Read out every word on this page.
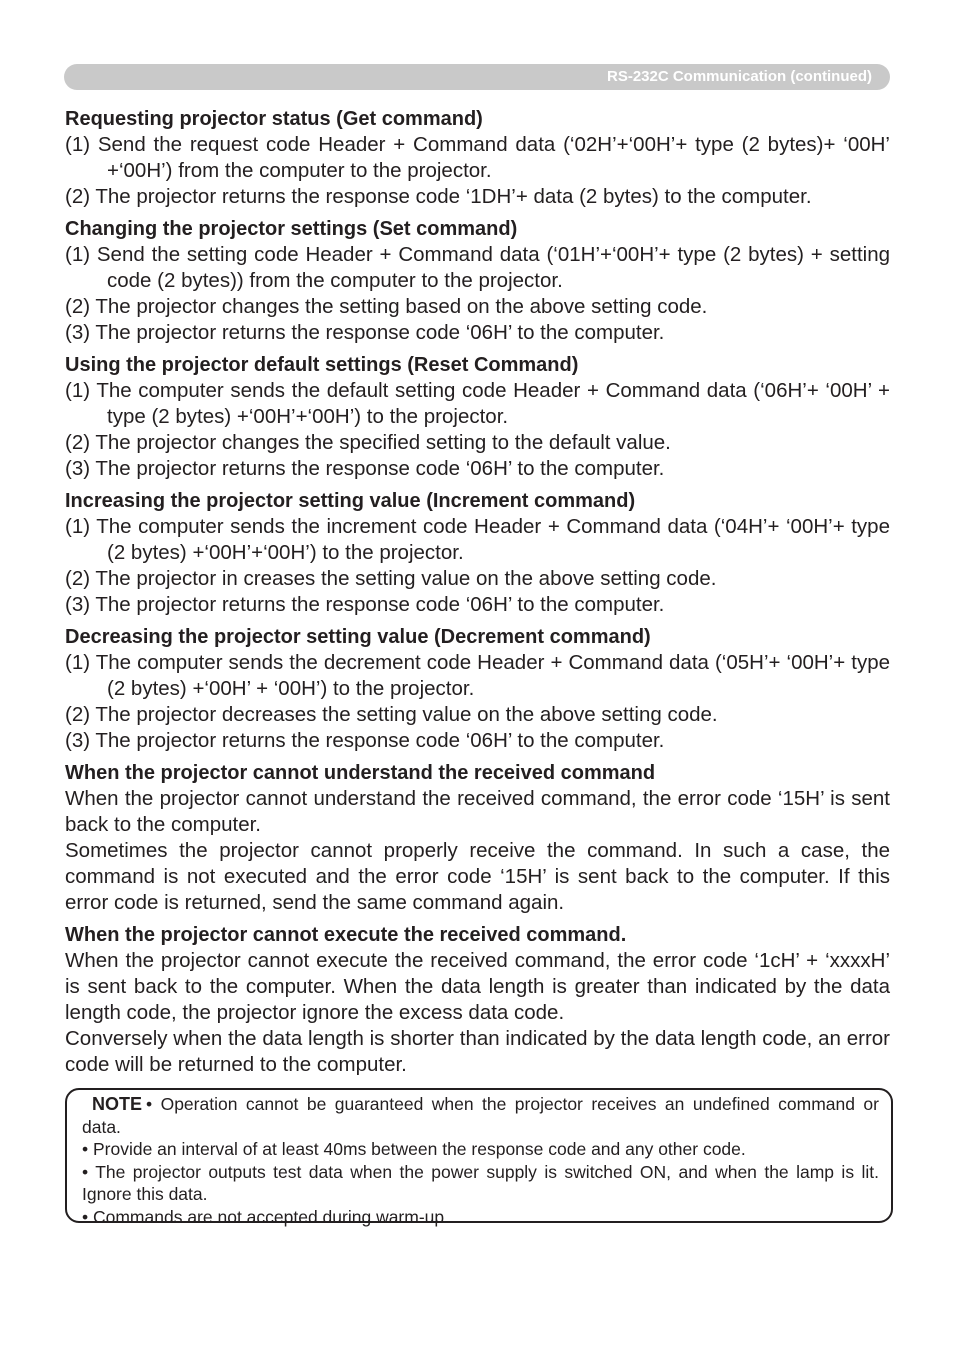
RS-232C Communication (continued)

Requesting projector status (Get command)

(1) Send the request code Header + Command data (‘02H’+‘00H’+ type (2 bytes)+ ‘00H’ +‘00H’) from the computer to the projector.

(2) The projector returns the response code ‘1DH’+ data (2 bytes) to the computer.

Changing the projector settings (Set command)

(1) Send the setting code Header + Command data (‘01H’+‘00H’+ type (2 bytes) + setting code (2 bytes)) from the computer to the projector.

(2) The projector changes the setting based on the above setting code.

(3) The projector returns the response code ‘06H’ to the computer.

Using the projector default settings (Reset Command)

(1) The computer sends the default setting code Header + Command data (‘06H’+ ‘00H’ + type (2 bytes) +‘00H’+‘00H’) to the projector.

(2) The projector changes the specified setting to the default value.

(3) The projector returns the response code ‘06H’ to the computer.

Increasing the projector setting value (Increment command)

(1) The computer sends the increment code Header + Command data (‘04H’+ ‘00H’+ type (2 bytes) +‘00H’+‘00H’) to the projector.

(2) The projector in creases the setting value on the above setting code.

(3) The projector returns the response code ‘06H’ to the computer.

Decreasing the projector setting value (Decrement command)

(1) The computer sends the decrement code Header + Command data (‘05H’+ ‘00H’+ type (2 bytes) +‘00H’ + ‘00H’) to the projector.

(2) The projector decreases the setting value on the above setting code.

(3) The projector returns the response code ‘06H’ to the computer.

When the projector cannot understand the received command

When the projector cannot understand the received command, the error code ‘15H’ is sent back to the computer.

Sometimes the projector cannot properly receive the command. In such a case, the command is not executed and the error code ‘15H’ is sent back to the computer. If this error code is returned, send the same command again.

When the projector cannot execute the received command.

When the projector cannot execute the received command, the error code ‘1cH’ + ‘xxxxH’ is sent back to the computer. When the data length is greater than indicated by the data length code, the projector ignore the excess data code.

Conversely when the data length is shorter than indicated by the data length code, an error code will be returned to the computer.

NOTE • Operation cannot be guaranteed when the projector receives an undefined command or data.

• Provide an interval of at least 40ms between the response code and any other code.

• The projector outputs test data when the power supply is switched ON, and when the lamp is lit. Ignore this data.

• Commands are not accepted during warm-up.
